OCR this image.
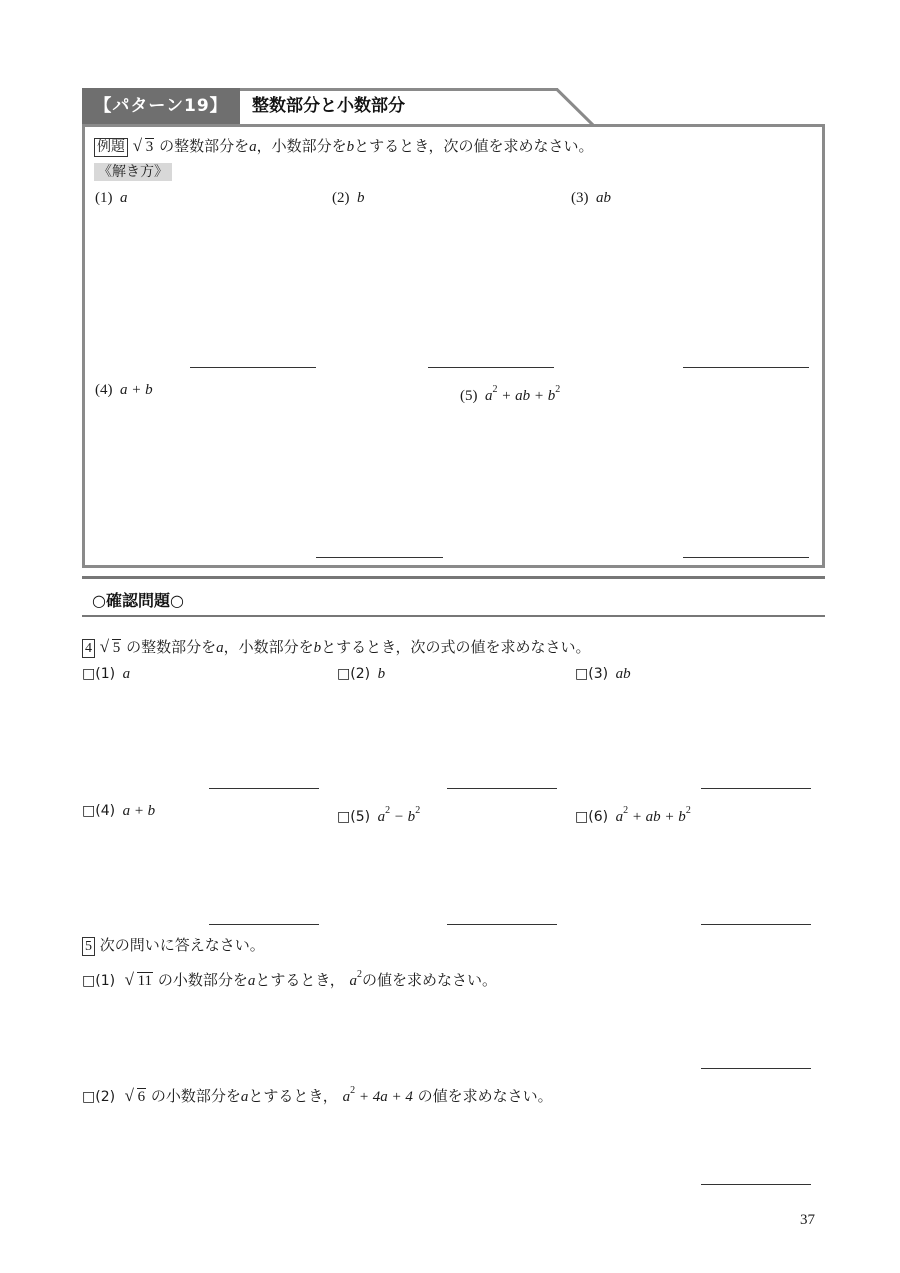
【パターン19】	整数部分と小数部分
例題 √ 3 の整数部分をa，小数部分をbとするとき，次の値を求めなさい。
《解き方》
(1) a	(2) b	(3) ab
(4) a + b	(5) $a^2$ + ab + $b^2$
○確認問題○
4 √ 5 の整数部分をa，小数部分をbとするとき，次の式の値を求めなさい。
□(1) a	□(2) b	□(3) ab
□(4) a + b	□(5) $a^2 - b^2$	□(6) $a^2$ + ab + $b^2$
5 次の問いに答えなさい。
□(1) √ 11 の小数部分をaとするとき， $a^2$の値を求めなさい。
□(2) √ 6 の小数部分をaとするとき， $a^2 + 4a + 4$ の値を求めなさい。
37
